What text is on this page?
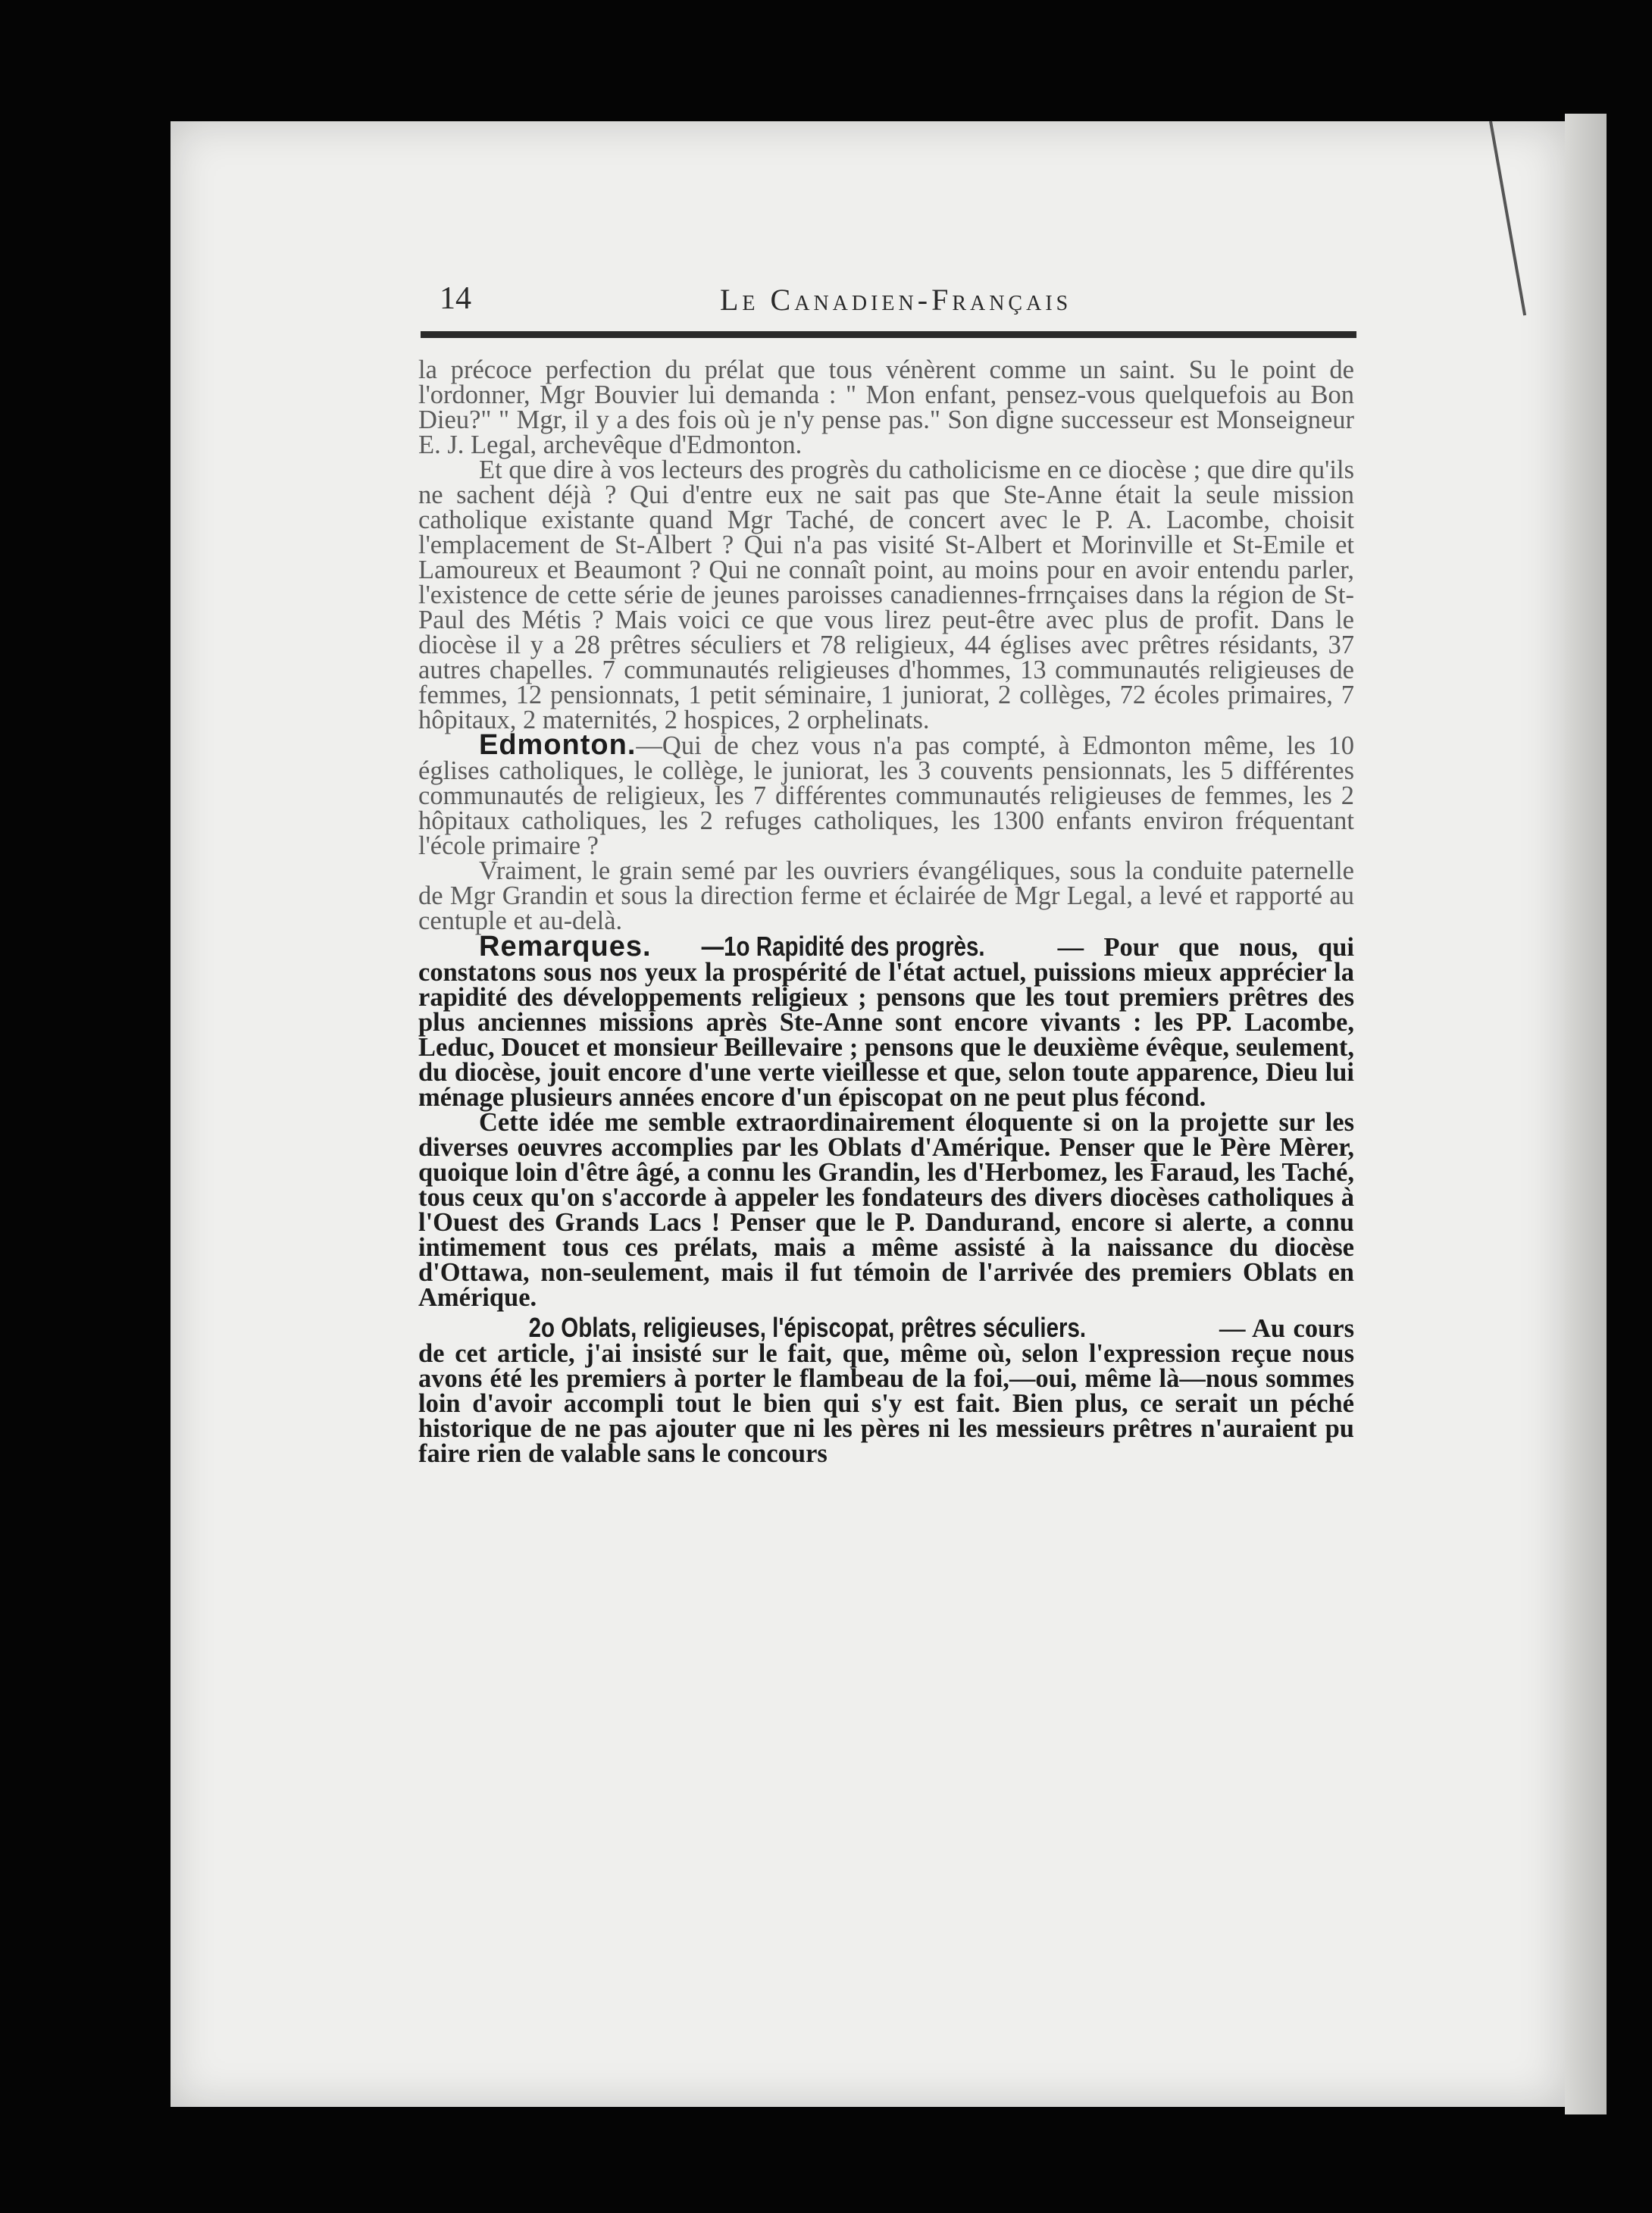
14	Le Canadien-Français

la précoce perfection du prélat que tous vénèrent comme un saint. Su le point de l'ordonner, Mgr Bouvier lui demanda : " Mon enfant, pensez-vous quelquefois au Bon Dieu?" " Mgr, il y a des fois où je n'y pense pas." Son digne successeur est Monseigneur E. J. Legal, archevêque d'Edmonton.

Et que dire à vos lecteurs des progrès du catholicisme en ce diocèse ; que dire qu'ils ne sachent déjà ? Qui d'entre eux ne sait pas que Ste-Anne était la seule mission catholique existante quand Mgr Taché, de concert avec le P. A. Lacombe, choisit l'emplacement de St-Albert ? Qui n'a pas visité St-Albert et Morinville et St-Emile et Lamoureux et Beaumont ? Qui ne connaît point, au moins pour en avoir entendu parler, l'existence de cette série de jeunes paroisses canadiennes-frrnçaises dans la région de St-Paul des Métis ? Mais voici ce que vous lirez peut-être avec plus de profit. Dans le diocèse il y a 28 prêtres séculiers et 78 religieux, 44 églises avec prêtres résidants, 37 autres chapelles. 7 communautés religieuses d'hommes, 13 communautés religieuses de femmes, 12 pensionnats, 1 petit séminaire, 1 juniorat, 2 collèges, 72 écoles primaires, 7 hôpitaux, 2 maternités, 2 hospices, 2 orphelinats.

Edmonton.—Qui de chez vous n'a pas compté, à Edmonton même, les 10 églises catholiques, le collège, le juniorat, les 3 couvents pensionnats, les 5 différentes communautés de religieux, les 7 différentes communautés religieuses de femmes, les 2 hôpitaux catholiques, les 2 refuges catholiques, les 1300 enfants environ fréquentant l'école primaire ?

Vraiment, le grain semé par les ouvriers évangéliques, sous la conduite paternelle de Mgr Grandin et sous la direction ferme et éclairée de Mgr Legal, a levé et rapporté au centuple et au-delà.

Remarques. —1o Rapidité des progrès.	— Pour que nous, qui constatons sous nos yeux la prospérité de l'état actuel, puissions mieux apprécier la rapidité des développements religieux ; pensons que les tout premiers prêtres des plus anciennes missions après Ste-Anne sont encore vivants : les PP. Lacombe, Leduc, Doucet et monsieur Beillevaire ; pensons que le deuxième évêque, seulement, du diocèse, jouit encore d'une verte vieillesse et que, selon toute apparence, Dieu lui ménage plusieurs années encore d'un épiscopat on ne peut plus fécond.

Cette idée me semble extraordinairement éloquente si on la projette sur les diverses oeuvres accomplies par les Oblats d'Amérique. Penser que le Père Mèrer, quoique loin d'être âgé, a connu les Grandin, les d'Herbomez, les Faraud, les Taché, tous ceux qu'on s'accorde à appeler les fondateurs des divers diocèses catholiques à l'Ouest des Grands Lacs ! Penser que le P. Dandurand, encore si alerte, a connu intimement tous ces prélats, mais a même assisté à la naissance du diocèse d'Ottawa, non-seulement, mais il fut témoin de l'arrivée des premiers Oblats en Amérique.

2o Oblats, religieuses, l'épiscopat, prêtres séculiers.	— Au cours de cet article, j'ai insisté sur le fait, que, même où, selon l'expression reçue nous avons été les premiers à porter le flambeau de la foi,—oui, même là—nous sommes loin d'avoir accompli tout le bien qui s'y est fait. Bien plus, ce serait un péché historique de ne pas ajouter que ni les pères ni les messieurs prêtres n'auraient pu faire rien de valable sans le concours
